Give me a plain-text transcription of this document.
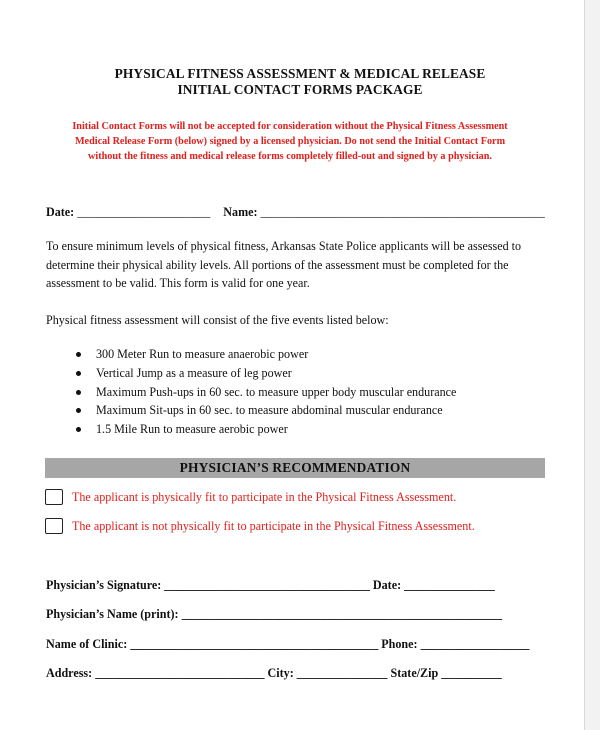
PHYSICAL FITNESS ASSESSMENT & MEDICAL RELEASE
INITIAL CONTACT FORMS PACKAGE
Initial Contact Forms will not be accepted for consideration without the Physical Fitness Assessment
Medical Release Form (below) signed by a licensed physician. Do not send the Initial Contact Form
without the fitness and medical release forms completely filled-out and signed by a physician.
Date: ______________________ Name: _______________________________________________
To ensure minimum levels of physical fitness, Arkansas State Police applicants will be assessed to
determine their physical ability levels. All portions of the assessment must be completed for the
assessment to be valid. This form is valid for one year.
Physical fitness assessment will consist of the five events listed below:
300 Meter Run to measure anaerobic power
Vertical Jump as a measure of leg power
Maximum Push-ups in 60 sec. to measure upper body muscular endurance
Maximum Sit-ups in 60 sec. to measure abdominal muscular endurance
1.5 Mile Run to measure aerobic power
PHYSICIAN’S RECOMMENDATION
The applicant is physically fit to participate in the Physical Fitness Assessment.
The applicant is not physically fit to participate in the Physical Fitness Assessment.
Physician’s Signature: __________________________________ Date: _______________
Physician’s Name (print): _____________________________________________________
Name of Clinic: _________________________________________ Phone: __________________
Address: ____________________________ City: _______________ State/Zip __________
